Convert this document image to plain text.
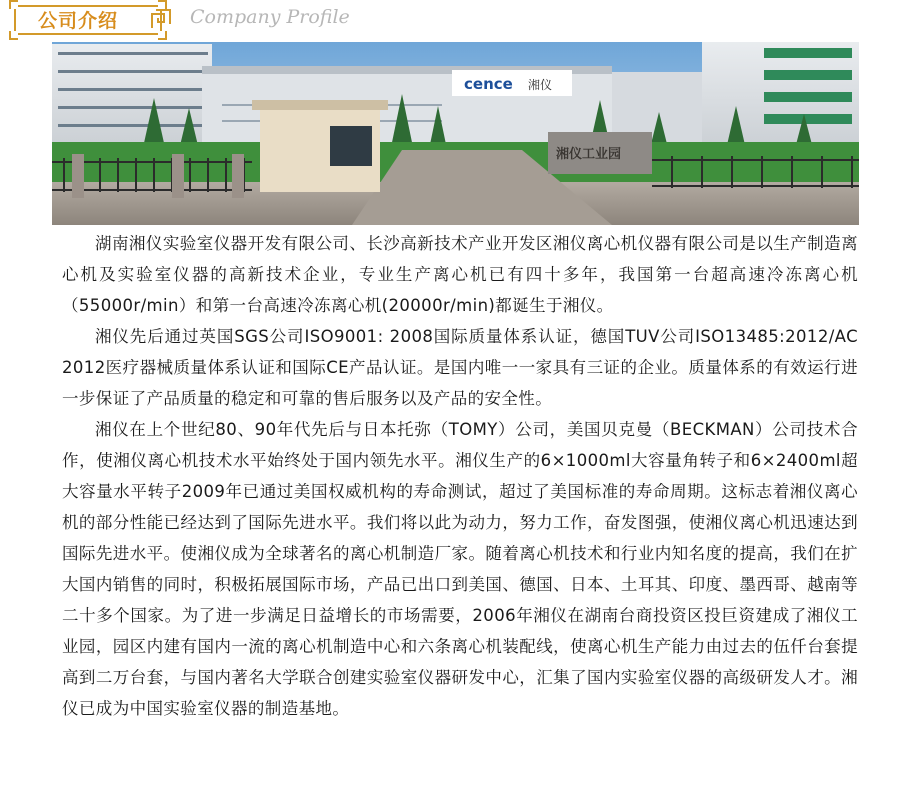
公司介绍	Company Profile
cence 湘仪
湘仪工业园

湖南湘仪实验室仪器开发有限公司、长沙高新技术产业开发区湘仪离心机仪器有限公司是以生产制造离心机及实验室仪器的高新技术企业，专业生产离心机已有四十多年，我国第一台超高速冷冻离心机（55000r/min）和第一台高速冷冻离心机(20000r/min)都诞生于湘仪。

湘仪先后通过英国SGS公司ISO9001: 2008国际质量体系认证，德国TUV公司ISO13485:2012/AC 2012医疗器械质量体系认证和国际CE产品认证。是国内唯一一家具有三证的企业。质量体系的有效运行进一步保证了产品质量的稳定和可靠的售后服务以及产品的安全性。

湘仪在上个世纪80、90年代先后与日本托弥（TOMY）公司，美国贝克曼（BECKMAN）公司技术合作，使湘仪离心机技术水平始终处于国内领先水平。湘仪生产的6×1000ml大容量角转子和6×2400ml超大容量水平转子2009年已通过美国权威机构的寿命测试，超过了美国标准的寿命周期。这标志着湘仪离心机的部分性能已经达到了国际先进水平。我们将以此为动力，努力工作，奋发图强，使湘仪离心机迅速达到国际先进水平。使湘仪成为全球著名的离心机制造厂家。随着离心机技术和行业内知名度的提高，我们在扩大国内销售的同时，积极拓展国际市场，产品已出口到美国、德国、日本、土耳其、印度、墨西哥、越南等二十多个国家。为了进一步满足日益增长的市场需要，2006年湘仪在湖南台商投资区投巨资建成了湘仪工业园，园区内建有国内一流的离心机制造中心和六条离心机装配线，使离心机生产能力由过去的伍仟台套提高到二万台套，与国内著名大学联合创建实验室仪器研发中心，汇集了国内实验室仪器的高级研发人才。湘仪已成为中国实验室仪器的制造基地。
